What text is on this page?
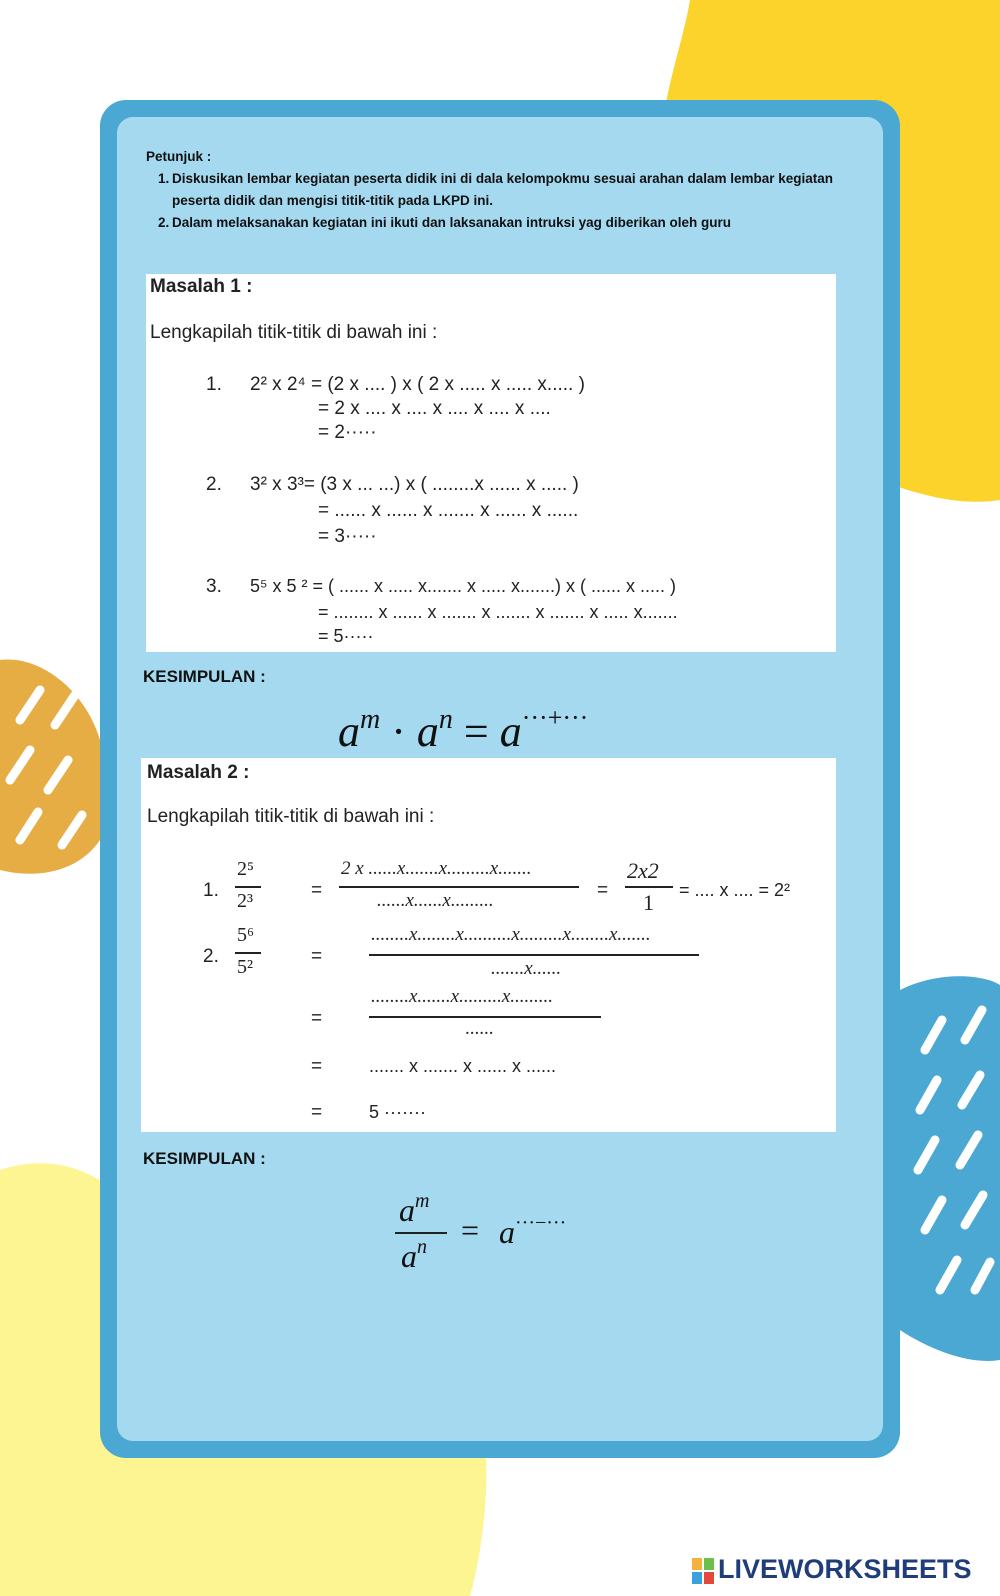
Petunjuk :
1. Diskusikan lembar kegiatan peserta didik ini di dala kelompokmu sesuai arahan dalam lembar kegiatan peserta didik dan mengisi titik-titik pada LKPD ini.
2. Dalam melaksanakan kegiatan ini ikuti dan laksanakan intruksi yag diberikan oleh guru
Masalah 1 :
Lengkapilah titik-titik di bawah ini :
1. 2² x 2⁴ = (2 x .... ) x ( 2 x ..... x ..... x..... )
= 2 x .... x .... x .... x .... x ....
= 2·····
2. 3² x 3³= (3 x ... ...) x ( ........x ...... x ..... )
= ...... x ...... x ....... x ...... x ......
= 3·····
3. 5⁵ x 5 ² = ( ...... x ..... x....... x ..... x.......) x ( ...... x ..... )
= ........ x ...... x ....... x ....... x ....... x ..... x.......
= 5·····
KESIMPULAN :
$a^m \cdot a^n = a^{\cdot\cdot\cdot+\cdot\cdot\cdot}$
Masalah 2 :
Lengkapilah titik-titik di bawah ini :
1.
2⁵
2³	=
2 x ......x.......x.........x.......
......x......x.........	=
2x2
1 = .... x .... = 2²
2.
5⁶
5²	=
........x........x..........x.........x........x.......
.......x......
=
........x.......x.........x.........
......
=	....... x ....... x ...... x ......
=	5 ·······
KESIMPULAN :
$a^m$
$a^n = a^{\cdot\cdot\cdot-\cdot\cdot\cdot}$
LIVEWORKSHEETS
